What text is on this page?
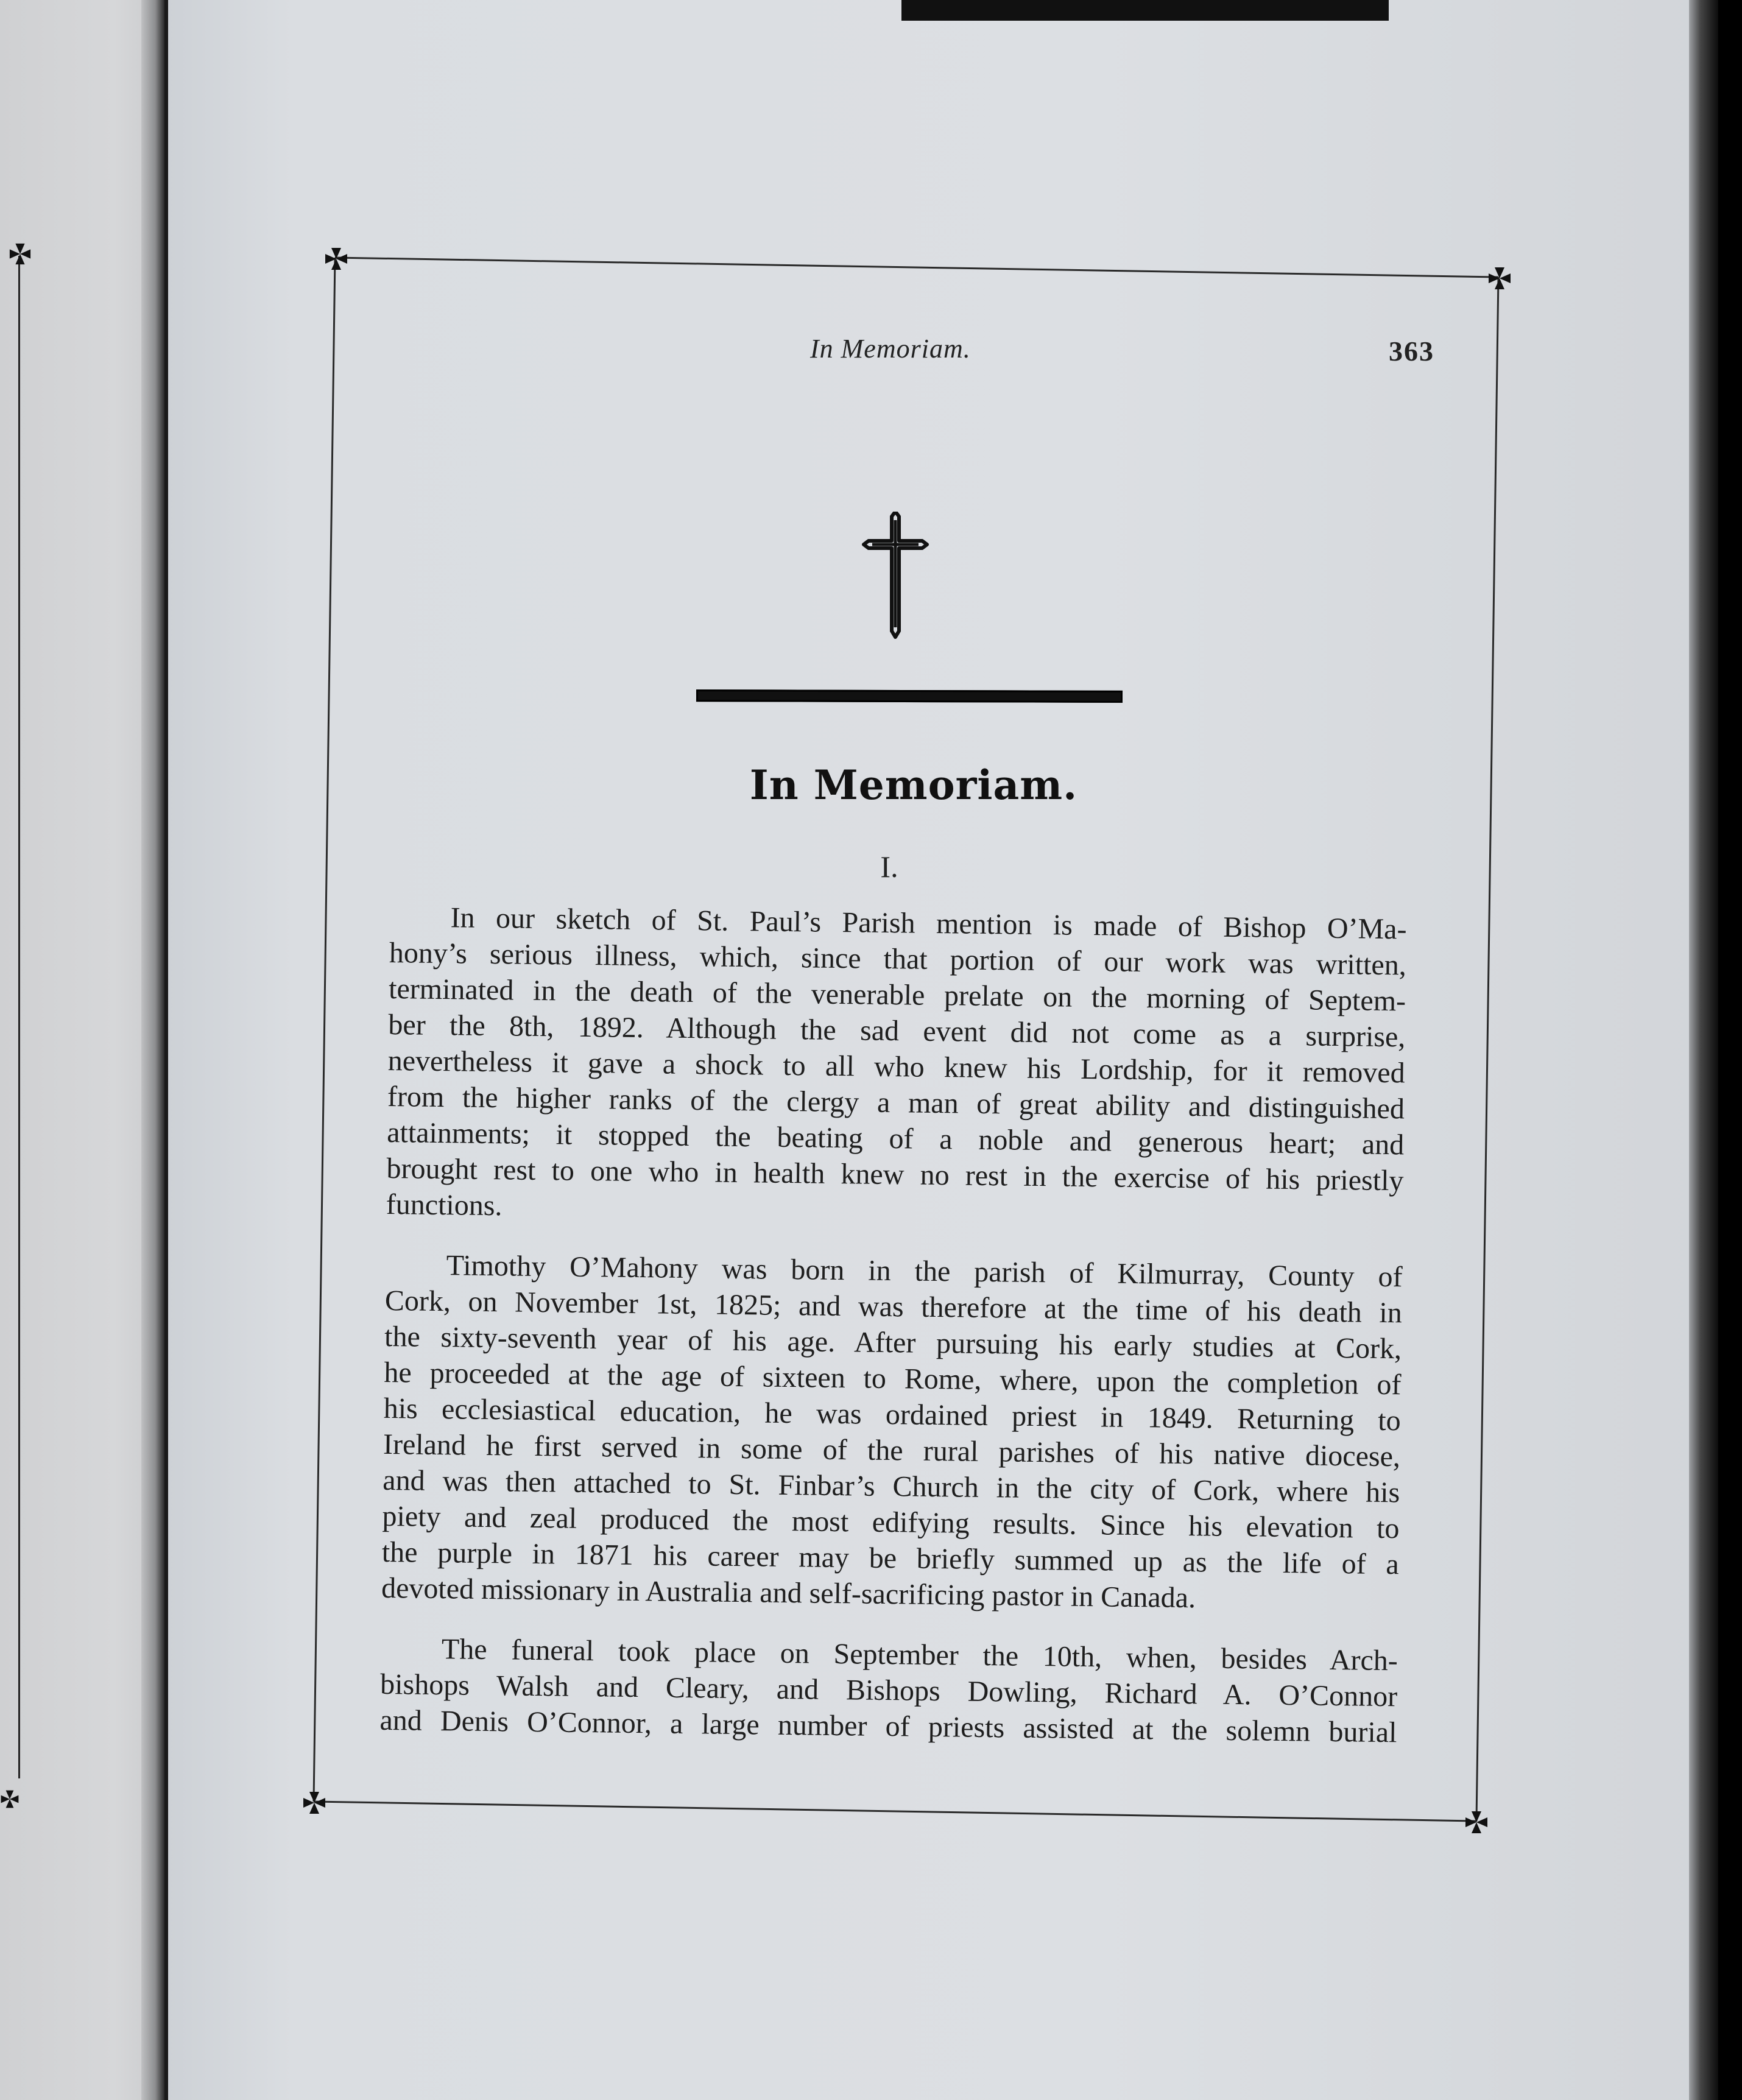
In Memoriam.	363
In Memoriam.
I.
In our sketch of St. Paul’s Parish mention is made of Bishop O’Ma-
hony’s serious illness, which, since that portion of our work was written,
terminated in the death of the venerable prelate on the morning of Septem-
ber the 8th, 1892. Although the sad event did not come as a surprise,
nevertheless it gave a shock to all who knew his Lordship, for it removed
from the higher ranks of the clergy a man of great ability and distinguished
attainments; it stopped the beating of a noble and generous heart; and
brought rest to one who in health knew no rest in the exercise of his priestly
functions.
Timothy O’Mahony was born in the parish of Kilmurray, County of
Cork, on November 1st, 1825; and was therefore at the time of his death in
the sixty-seventh year of his age. After pursuing his early studies at Cork,
he proceeded at the age of sixteen to Rome, where, upon the completion of
his ecclesiastical education, he was ordained priest in 1849. Returning to
Ireland he first served in some of the rural parishes of his native diocese,
and was then attached to St. Finbar’s Church in the city of Cork, where his
piety and zeal produced the most edifying results. Since his elevation to
the purple in 1871 his career may be briefly summed up as the life of a
devoted missionary in Australia and self-sacrificing pastor in Canada.
The funeral took place on September the 10th, when, besides Arch-
bishops Walsh and Cleary, and Bishops Dowling, Richard A. O’Connor
and Denis O’Connor, a large number of priests assisted at the solemn burial
